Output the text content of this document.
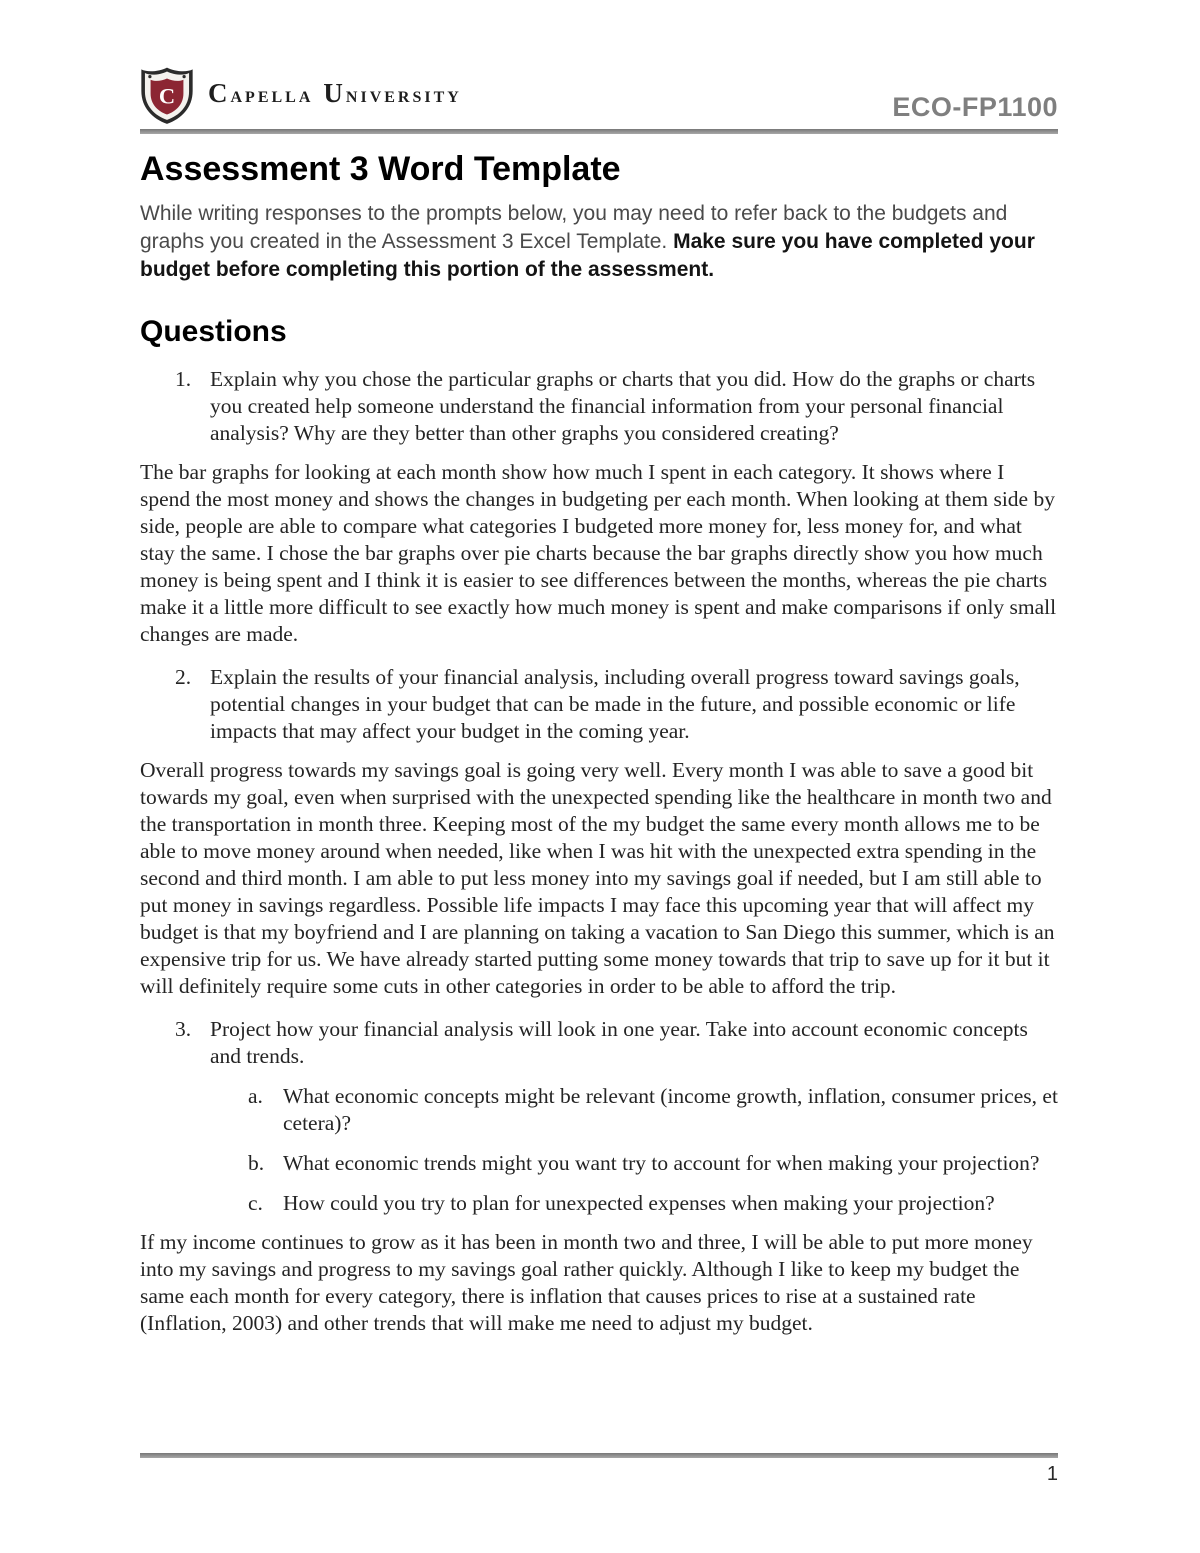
C CAPELLA UNIVERSITY	ECO-FP1100
Assessment 3 Word Template

While writing responses to the prompts below, you may need to refer back to the budgets and graphs you created in the Assessment 3 Excel Template. Make sure you have completed your budget before completing this portion of the assessment.

Questions
1. Explain why you chose the particular graphs or charts that you did. How do the graphs or charts you created help someone understand the financial information from your personal financial analysis? Why are they better than other graphs you considered creating?

The bar graphs for looking at each month show how much I spent in each category. It shows where I spend the most money and shows the changes in budgeting per each month. When looking at them side by side, people are able to compare what categories I budgeted more money for, less money for, and what stay the same. I chose the bar graphs over pie charts because the bar graphs directly show you how much money is being spent and I think it is easier to see differences between the months, whereas the pie charts make it a little more difficult to see exactly how much money is spent and make comparisons if only small changes are made.

2. Explain the results of your financial analysis, including overall progress toward savings goals, potential changes in your budget that can be made in the future, and possible economic or life impacts that may affect your budget in the coming year.

Overall progress towards my savings goal is going very well. Every month I was able to save a good bit towards my goal, even when surprised with the unexpected spending like the healthcare in month two and the transportation in month three. Keeping most of the my budget the same every month allows me to be able to move money around when needed, like when I was hit with the unexpected extra spending in the second and third month. I am able to put less money into my savings goal if needed, but I am still able to put money in savings regardless. Possible life impacts I may face this upcoming year that will affect my budget is that my boyfriend and I are planning on taking a vacation to San Diego this summer, which is an expensive trip for us. We have already started putting some money towards that trip to save up for it but it will definitely require some cuts in other categories in order to be able to afford the trip.

3. Project how your financial analysis will look in one year. Take into account economic concepts and trends.
a. What economic concepts might be relevant (income growth, inflation, consumer prices, et cetera)?
b. What economic trends might you want try to account for when making your projection?
c. How could you try to plan for unexpected expenses when making your projection?

If my income continues to grow as it has been in month two and three, I will be able to put more money into my savings and progress to my savings goal rather quickly. Although I like to keep my budget the same each month for every category, there is inflation that causes prices to rise at a sustained rate (Inflation, 2003) and other trends that will make me need to adjust my budget.

1
